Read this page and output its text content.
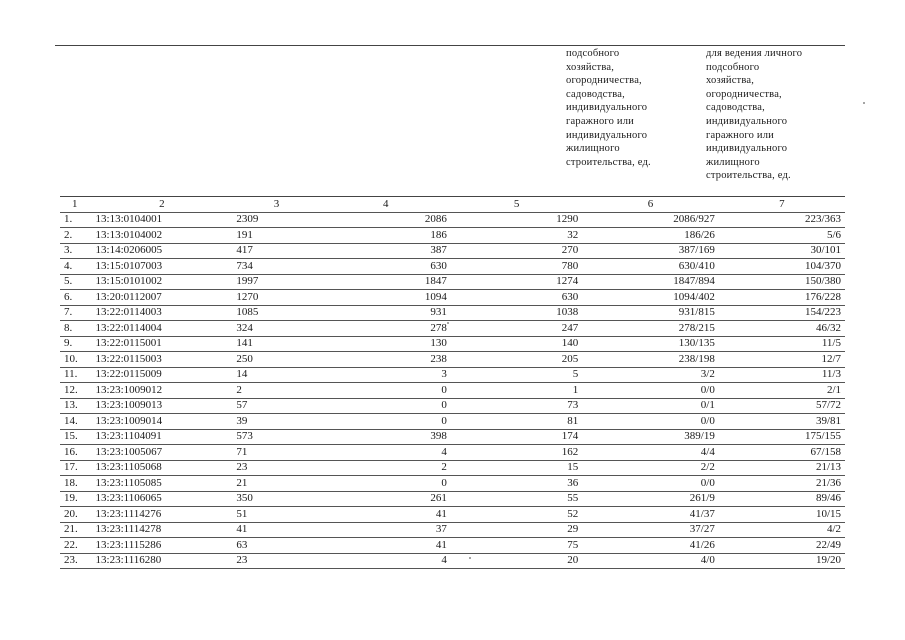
подсобного
хозяйства,
огородничества,
садоводства,
индивидуального
гаражного или
индивидуального
жилищного
строительства, ед.
для ведения личного
подсобного
хозяйства,
огородничества,
садоводства,
индивидуального
гаражного или
индивидуального
жилищного
строительства, ед.
1	2	3	4	5	6	7
1.	13:13:0104001	2309	2086	1290	2086/927	223/363
2.	13:13:0104002	191	186	32	186/26	5/6
3.	13:14:0206005	417	387	270	387/169	30/101
4.	13:15:0107003	734	630	780	630/410	104/370
5.	13:15:0101002	1997	1847	1274	1847/894	150/380
6.	13:20:0112007	1270	1094	630	1094/402	176/228
7.	13:22:0114003	1085	931	1038	931/815	154/223
8.	13:22:0114004	324	278	247	278/215	46/32
9.	13:22:0115001	141	130	140	130/135	11/5
10.	13:22:0115003	250	238	205	238/198	12/7
11.	13:22:0115009	14	3	5	3/2	11/3
12.	13:23:1009012	2	0	1	0/0	2/1
13.	13:23:1009013	57	0	73	0/1	57/72
14.	13:23:1009014	39	0	81	0/0	39/81
15.	13:23:1104091	573	398	174	389/19	175/155
16.	13:23:1005067	71	4	162	4/4	67/158
17.	13:23:1105068	23	2	15	2/2	21/13
18.	13:23:1105085	21	0	36	0/0	21/36
19.	13:23:1106065	350	261	55	261/9	89/46
20.	13:23:1114276	51	41	52	41/37	10/15
21.	13:23:1114278	41	37	29	37/27	4/2
22.	13:23:1115286	63	41	75	41/26	22/49
23.	13:23:1116280	23	4	20	4/0	19/20
